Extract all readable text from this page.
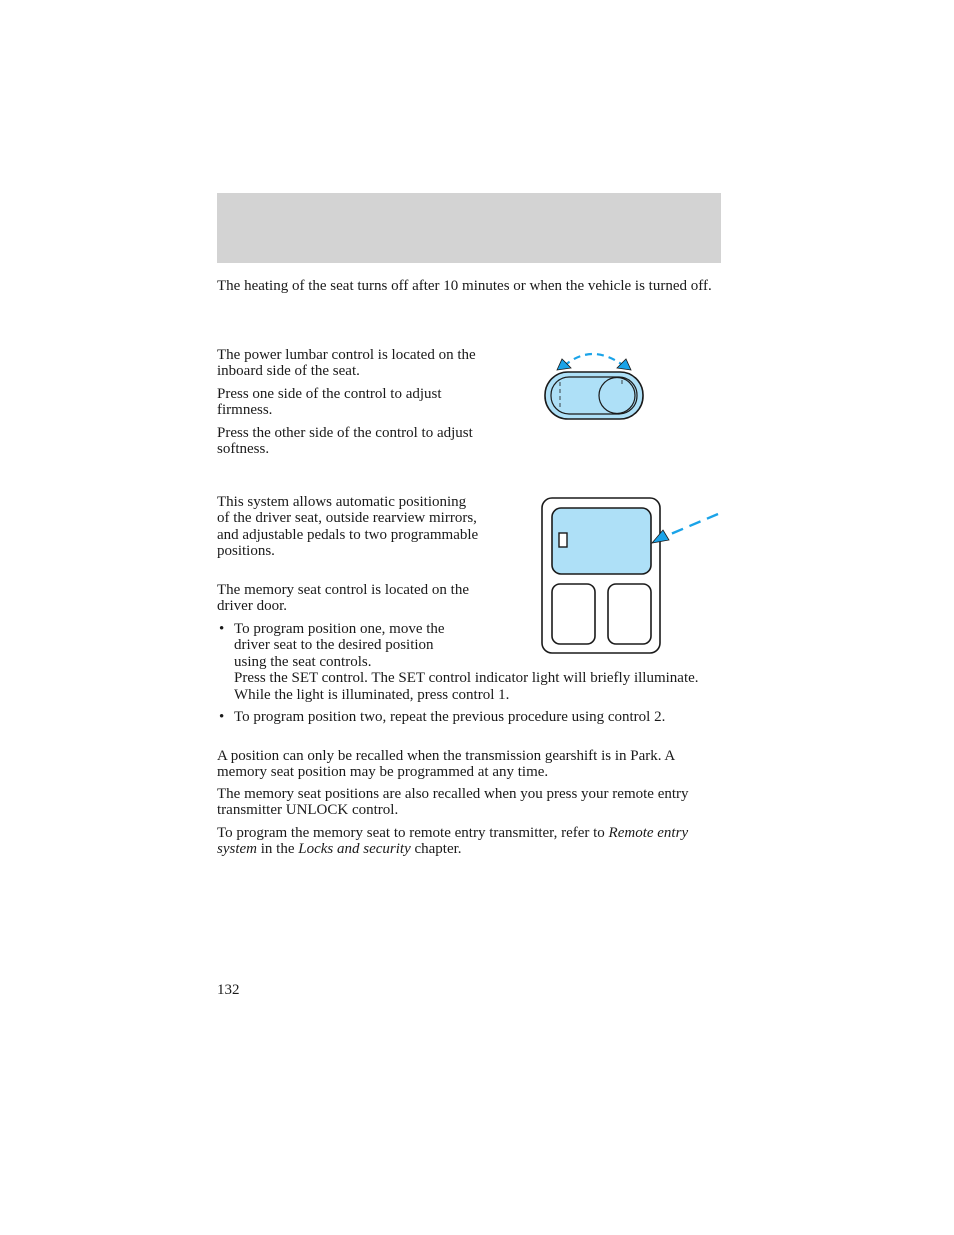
The heating of the seat turns off after 10 minutes or when the vehicle is turned off.

The power lumbar control is located on the inboard side of the seat.

Press one side of the control to adjust firmness.

Press the other side of the control to adjust softness.

This system allows automatic positioning of the driver seat, outside rearview mirrors, and adjustable pedals to two programmable positions.

The memory seat control is located on the driver door.

• To program position one, move the driver seat to the desired position using the seat controls.
Press the SET control. The SET control indicator light will briefly illuminate. While the light is illuminated, press control 1.

• To program position two, repeat the previous procedure using control 2.

A position can only be recalled when the transmission gearshift is in Park. A memory seat position may be programmed at any time.

The memory seat positions are also recalled when you press your remote entry transmitter UNLOCK control.

To program the memory seat to remote entry transmitter, refer to Remote entry system in the Locks and security chapter.

132
